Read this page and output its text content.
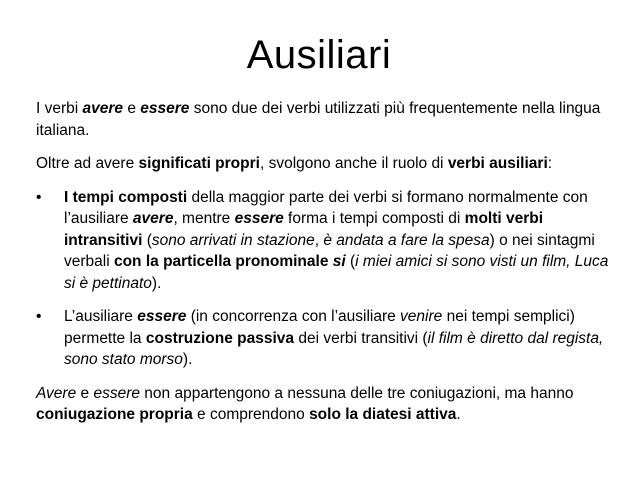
Ausiliari

I verbi avere e essere sono due dei verbi utilizzati più frequentemente nella lingua italiana.

Oltre ad avere significati propri, svolgono anche il ruolo di verbi ausiliari:

• I tempi composti della maggior parte dei verbi si formano normalmente con l’ausiliare avere, mentre essere forma i tempi composti di molti verbi intransitivi (sono arrivati in stazione, è andata a fare la spesa) o nei sintagmi verbali con la particella pronominale si (i miei amici si sono visti un film, Luca si è pettinato).
• L’ausiliare essere (in concorrenza con l’ausiliare venire nei tempi semplici) permette la costruzione passiva dei verbi transitivi (il film è diretto dal regista, sono stato morso).

Avere e essere non appartengono a nessuna delle tre coniugazioni, ma hanno coniugazione propria e comprendono solo la diatesi attiva.
